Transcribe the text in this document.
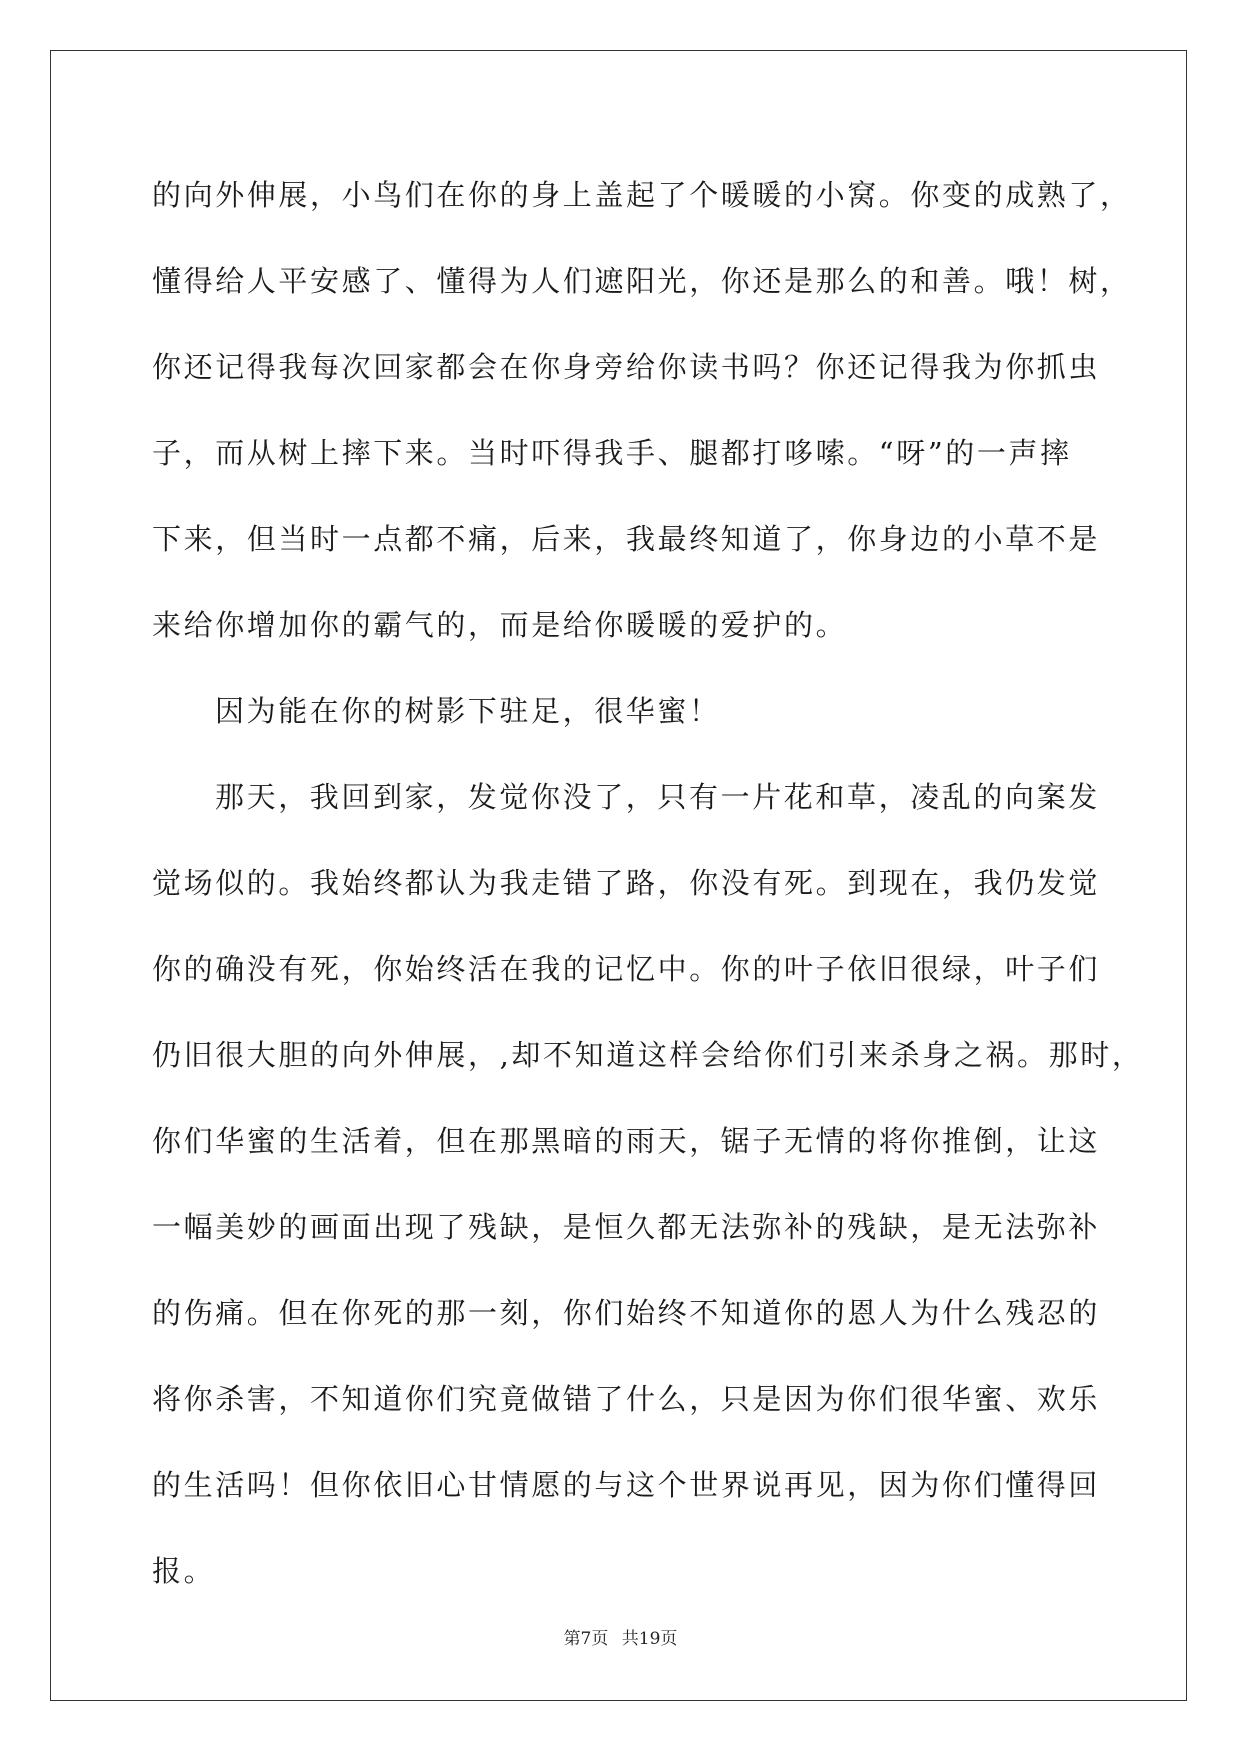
的向外伸展，小鸟们在你的身上盖起了个暖暖的小窝。你变的成熟了，
懂得给人平安感了、懂得为人们遮阳光，你还是那么的和善。哦！树，
你还记得我每次回家都会在你身旁给你读书吗？你还记得我为你抓虫
子，而从树上摔下来。当时吓得我手、腿都打哆嗦。“呀”的一声摔
下来，但当时一点都不痛，后来，我最终知道了，你身边的小草不是
来给你增加你的霸气的，而是给你暖暖的爱护的。
因为能在你的树影下驻足，很华蜜！
那天，我回到家，发觉你没了，只有一片花和草，凌乱的向案发
觉场似的。我始终都认为我走错了路，你没有死。到现在，我仍发觉
你的确没有死，你始终活在我的记忆中。你的叶子依旧很绿，叶子们
仍旧很大胆的向外伸展，,却不知道这样会给你们引来杀身之祸。那时，
你们华蜜的生活着，但在那黑暗的雨天，锯子无情的将你推倒，让这
一幅美妙的画面出现了残缺，是恒久都无法弥补的残缺，是无法弥补
的伤痛。但在你死的那一刻，你们始终不知道你的恩人为什么残忍的
将你杀害，不知道你们究竟做错了什么，只是因为你们很华蜜、欢乐
的生活吗！但你依旧心甘情愿的与这个世界说再见，因为你们懂得回
报。
第7页 共19页
